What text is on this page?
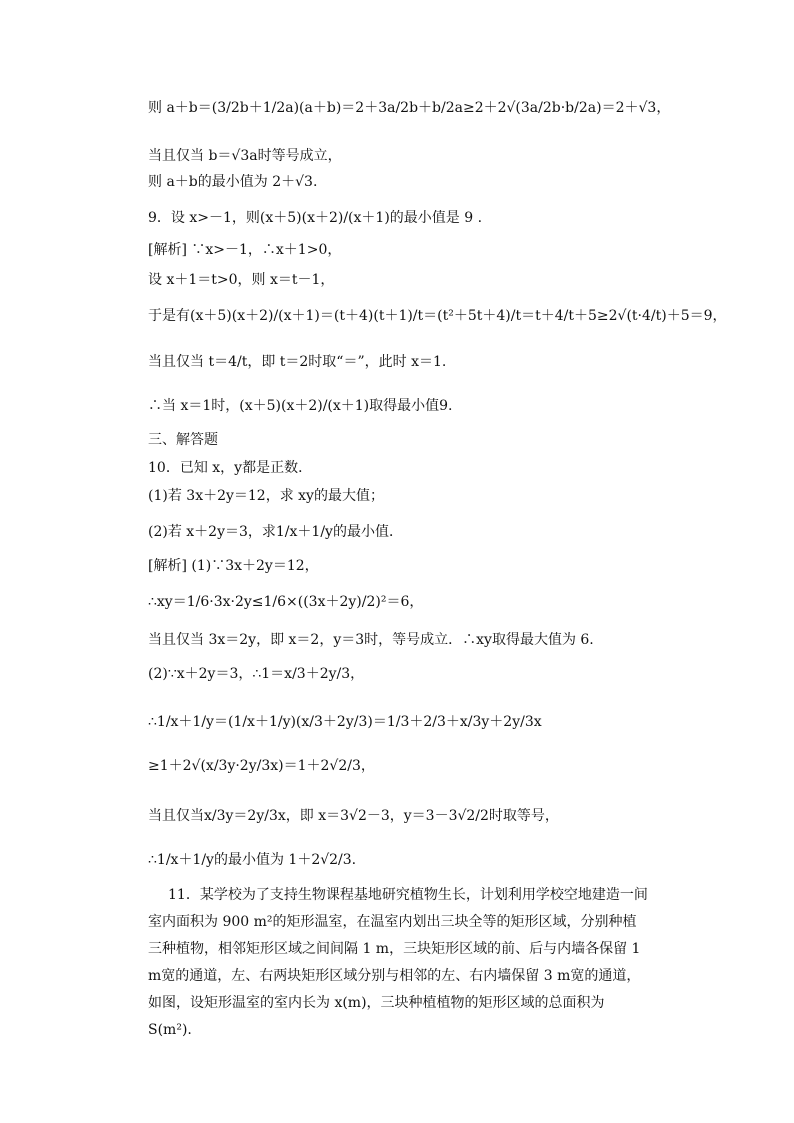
则 a＋b＝(3/2b＋1/2a)(a＋b)＝2＋3a/2b＋b/2a≥2＋2√(3a/2b·b/2a)＝2＋√3，
当且仅当 b＝√3a时等号成立，
则 a＋b的最小值为 2＋√3.
9．设 x>－1，则(x＋5)(x＋2)/(x＋1)的最小值是 9 .
[解析] ∵x>－1，∴x＋1>0，
设 x＋1＝t>0，则 x＝t－1，
于是有(x＋5)(x＋2)/(x＋1)＝(t＋4)(t＋1)/t＝(t²＋5t＋4)/t＝t＋4/t＋5≥2√(t·4/t)＋5＝9，
当且仅当 t＝4/t，即 t＝2时取“＝”，此时 x＝1.
∴当 x＝1时，(x＋5)(x＋2)/(x＋1)取得最小值9.
三、解答题
10．已知 x，y都是正数．
(1)若 3x＋2y＝12，求 xy的最大值；
(2)若 x＋2y＝3，求1/x＋1/y的最小值．
[解析] (1)∵3x＋2y＝12，
∴xy＝1/6·3x·2y≤1/6×((3x＋2y)/2)²＝6，
当且仅当 3x＝2y，即 x＝2，y＝3时，等号成立．∴xy取得最大值为 6.
(2)∵x＋2y＝3，∴1＝x/3＋2y/3，
∴1/x＋1/y＝(1/x＋1/y)(x/3＋2y/3)＝1/3＋2/3＋x/3y＋2y/3x
≥1＋2√(x/3y·2y/3x)＝1＋2√2/3，
当且仅当x/3y＝2y/3x，即 x＝3√2－3，y＝3－3√2/2时取等号，
∴1/x＋1/y的最小值为 1＋2√2/3.
11．某学校为了支持生物课程基地研究植物生长，计划利用学校空地建造一间室内面积为 900 m²的矩形温室，在温室内划出三块全等的矩形区域，分别种植三种植物，相邻矩形区域之间间隔 1 m，三块矩形区域的前、后与内墙各保留 1 m宽的通道，左、右两块矩形区域分别与相邻的左、右内墙保留 3 m宽的通道，如图，设矩形温室的室内长为 x(m)，三块种植植物的矩形区域的总面积为 S(m²).
